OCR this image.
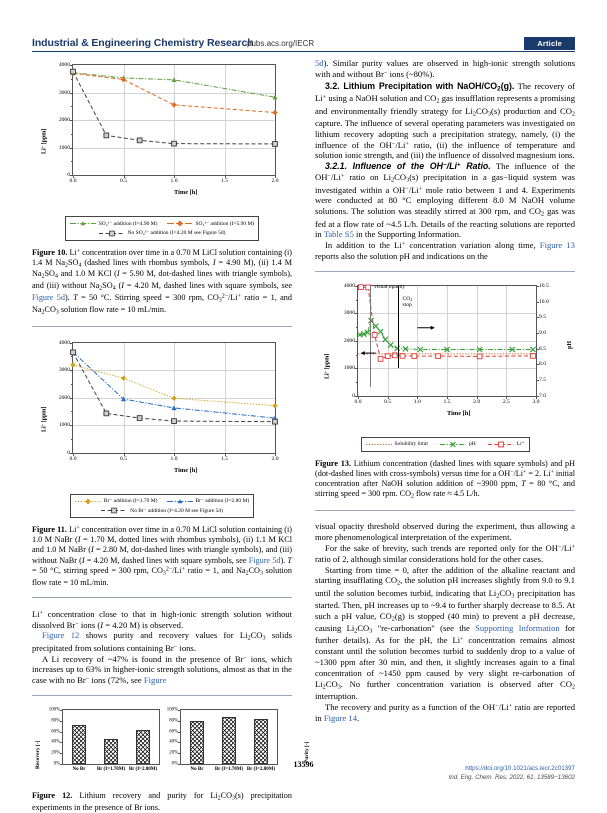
Industrial & Engineering Chemistry Research
pubs.acs.org/IECR	Article
Li+ [ppm]
0
1000
2000
3000
4000
0.0	0.5	1.0	1.5	2.0
Time [h]
SO₄²⁻ addition (I=4.90 M)	SO₄²⁻ addition (I=5.90 M)
No SO₄²⁻ addition (I=4.20 M see Figure 5d)
Figure 10. Li+ concentration over time in a 0.70 M LiCl solution containing (i) 1.4 M $Na_2SO_4$ (dashed lines with rhombus symbols, I = 4.90 M), (ii) 1.4 M $Na_2SO_4$ and 1.0 M KCl (I = 5.90 M, dot-dashed lines with triangle symbols), and (iii) without $Na_2SO_4$ (I = 4.20 M, dashed lines with square symbols, see Figure 5d). T = 50 °C. Stirring speed = 300 rpm, $CO_3^{2-}/Li^+$ ratio = 1, and $Na_2CO_3$ solution flow rate = 10 mL/min.
Li+ [ppm]
0
1000
2000
3000
4000
0.0	0.5	1.0	1.5	2.0
Time [h]
Br⁻ addition (I=1.70 M)	Br⁻ addition (I=2.80 M)
No Br⁻ addition (I=4.20 M see Figure 5d)
Figure 11. Li+ concentration over time in a 0.70 M LiCl solution containing (i) 1.0 M NaBr (I = 1.70 M, dotted lines with rhombus symbols), (ii) 1.1 M KCl and 1.0 M NaBr (I = 2.80 M, dot-dashed lines with triangle symbols), and (iii) without NaBr (I = 4.20 M, dashed lines with square symbols, see Figure 5d). T = 50 °C, stirring speed = 300 rpm, $CO_3^{2-}/Li^+$ ratio = 1, and $Na_2CO_3$ solution flow rate = 10 mL/min.

Li+ concentration close to that in high-ionic strength solution without dissolved Br− ions (I = 4.20 M) is observed.

Figure 12 shows purity and recovery values for $Li_2CO_3$ solids precipitated from solutions containing Br− ions.

A Li recovery of ~47% is found in the presence of Br− ions, which increases up to 63% in higher-ionic strength solutions, almost as that in the case with no Br− ions (72%, see Figure

Recovery [-]	0%
20%
40%
60%
80%
100%
No Br Br (I=1.70M) Br (I=2.80M)
0%
20%
40%
60%
80%
100%
No Br Br (I=1.70M) Br (I=2.80M)
Purity [-]
Figure 12. Lithium recovery and purity for $Li_2CO_3(s)$ precipitation experiments in the presence of Br ions.

5d). Similar purity values are observed in high-ionic strength solutions with and without Br− ions (~80%).

3.2. Lithium Precipitation with NaOH/$CO_2(g)$. The recovery of Li+ using a NaOH solution and $CO_2$ gas insufflation represents a promising and environmentally friendly strategy for $Li_2CO_3(s)$ production and $CO_2$ capture. The influence of several operating parameters was investigated on lithium recovery adopting such a precipitation strategy, namely, (i) the influence of the OH−/Li+ ratio, (ii) the influence of temperature and solution ionic strength, and (iii) the influence of dissolved magnesium ions.

3.2.1. Influence of the OH−/Li+ Ratio. The influence of the OH−/Li+ ratio on $Li_2CO_3(s)$ precipitation in a gas−liquid system was investigated within a OH−/Li+ mole ratio between 1 and 4. Experiments were conducted at 80 °C employing different 8.0 M NaOH volume solutions. The solution was steadily stirred at 300 rpm, and $CO_2$ gas was fed at a flow rate of ~4.5 L/h. Details of the reacting solutions are reported in Table S5 in the Supporting Information.

In addition to the Li+ concentration variation along time, Figure 13 reports also the solution pH and indications on the

Li+ [ppm]
0
1000
2000
3000
4000
7.0
7.5
8.0
8.5
9.0
9.5
10.0
10.5
0.0	0.5	1.0	1.5	2.0	2.5	3.0
visual opacity
$CO_2$
stop
pH
Time [h]
Solubility limit	pH	Li⁺
Figure 13. Lithium concentration (dashed lines with square symbols) and pH (dot-dashed lines with cross-symbols) versus time for a OH−/Li+ = 2. Li+ initial concentration after NaOH solution addition of ~3900 ppm, T = 80 °C, and stirring speed = 300 rpm. $CO_2$ flow rate ≈ 4.5 L/h.

visual opacity threshold observed during the experiment, thus allowing a more phenomenological interpretation of the experiment.

For the sake of brevity, such trends are reported only for the OH−/Li+ ratio of 2, although similar considerations hold for the other cases.

Starting from time = 0, after the addition of the alkaline reactant and starting insufflating $CO_2$, the solution pH increases slightly from 9.0 to 9.1 until the solution becomes turbid, indicating that $Li_2CO_3$ precipitation has started. Then, pH increases up to ~9.4 to further sharply decrease to 8.5. At such a pH value, $CO_2(g)$ is stopped (40 min) to prevent a pH decrease, causing $Li_2CO_3$ "re-carbonation" (see the Supporting Information for further details). As for the pH, the Li+ concentration remains almost constant until the solution becomes turbid to suddenly drop to a value of ~1300 ppm after 30 min, and then, it slightly increases again to a final concentration of ~1450 ppm caused by very slight re-carbonation of $Li_2CO_3$. No further concentration variation is observed after $CO_2$ interruption.

The recovery and purity as a function of the OH−/Li+ ratio are reported in Figure 14.

13596	https://doi.org/10.1021/acs.iecr.2c01397
Ind. Eng. Chem. Res. 2022, 61, 13589−13602
